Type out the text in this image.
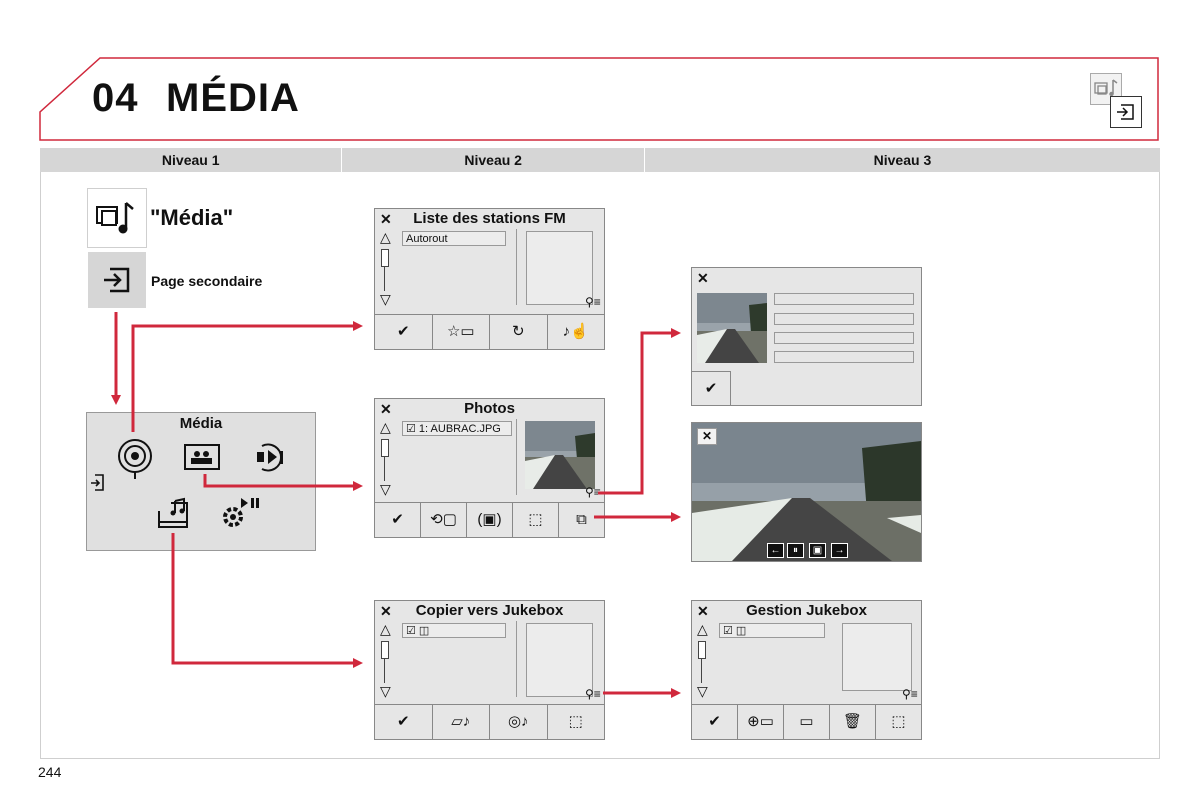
04 MÉDIA
Niveau 1	Niveau 2	Niveau 3
"Média"
Page secondaire
Média
✕	Liste des stations FM
△
▽
Autorout
⚲≡
✔	☆▭	↻	♪☝
✕	Photos
△
▽
☑ 1: AUBRAC.JPG
⚲≡
✔	⟲▢	(▣)	⬚	⧉
✕	Copier vers Jukebox
△
▽
☑ ◫
⚲≡
✔	▱♪	◎♪	⬚
✕
✔
✕
←	⏸	▣	→
✕	Gestion Jukebox
△
▽
☑ ◫
⚲≡
✔	⊕▭	▭	🗑	⬚
244
